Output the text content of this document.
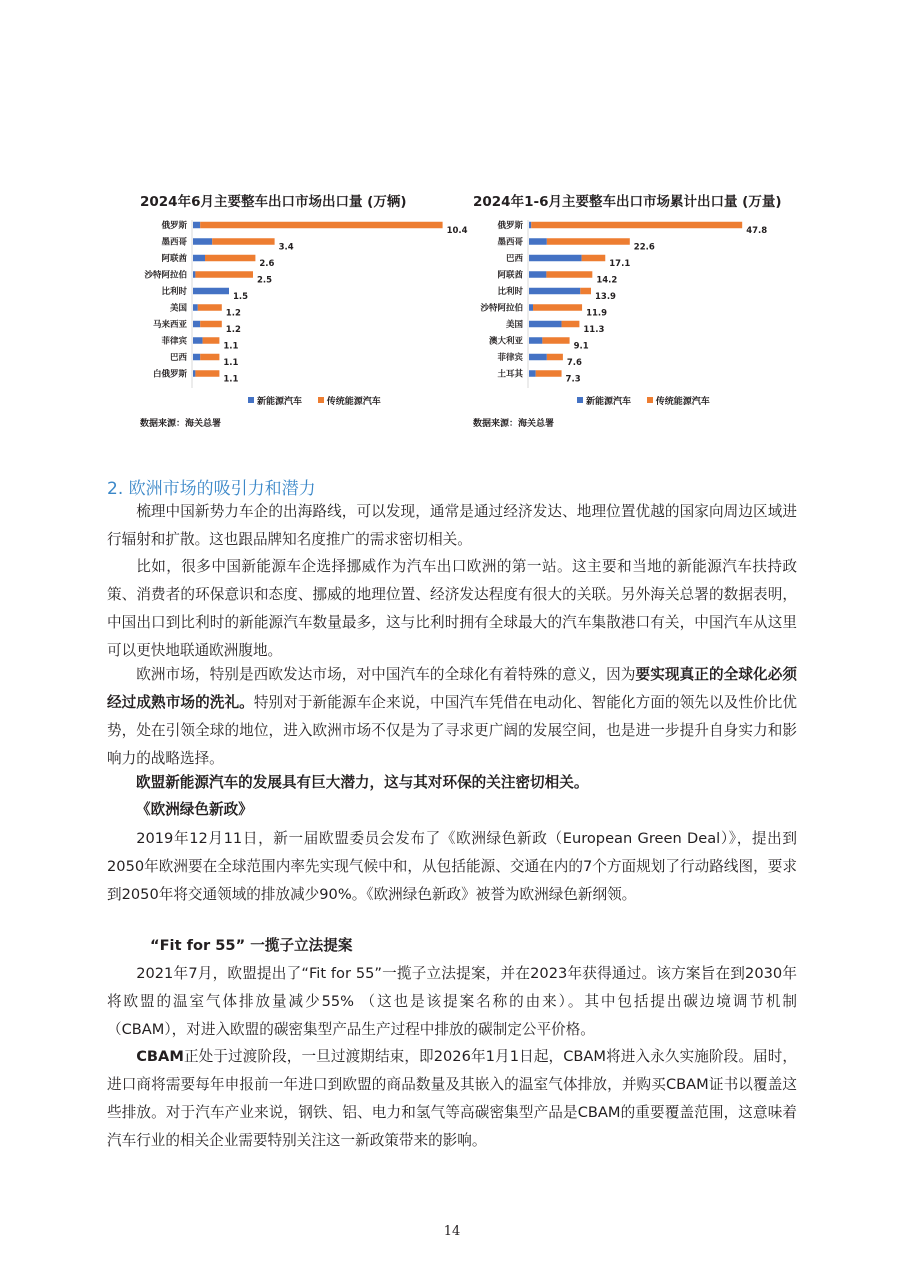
2024年6月主要整车出口市场出口量 (万辆)
俄罗斯	10.4
墨西哥	3.4
阿联酋	2.6
沙特阿拉伯	2.5
比利时	1.5
美国	1.2
马来西亚	1.2
菲律宾	1.1
巴西	1.1
白俄罗斯	1.1
新能源汽车	传统能源汽车
数据来源：海关总署
2024年1-6月主要整车出口市场累计出口量 (万量)
俄罗斯	47.8
墨西哥	22.6
巴西	17.1
阿联酋	14.2
比利时	13.9
沙特阿拉伯	11.9
美国	11.3
澳大利亚	9.1
菲律宾	7.6
土耳其	7.3
新能源汽车	传统能源汽车
数据来源：海关总署
2. 欧洲市场的吸引力和潜力
梳理中国新势力车企的出海路线，可以发现，通常是通过经济发达、地理位置优越的国家向周边区域进行辐射和扩散。这也跟品牌知名度推广的需求密切相关。
比如，很多中国新能源车企选择挪威作为汽车出口欧洲的第一站。这主要和当地的新能源汽车扶持政策、消费者的环保意识和态度、挪威的地理位置、经济发达程度有很大的关联。另外海关总署的数据表明，中国出口到比利时的新能源汽车数量最多，这与比利时拥有全球最大的汽车集散港口有关，中国汽车从这里可以更快地联通欧洲腹地。
欧洲市场，特别是西欧发达市场，对中国汽车的全球化有着特殊的意义，因为要实现真正的全球化必须经过成熟市场的洗礼。特别对于新能源车企来说，中国汽车凭借在电动化、智能化方面的领先以及性价比优势，处在引领全球的地位，进入欧洲市场不仅是为了寻求更广阔的发展空间，也是进一步提升自身实力和影响力的战略选择。
欧盟新能源汽车的发展具有巨大潜力，这与其对环保的关注密切相关。
《欧洲绿色新政》
2019年12月11日，新一届欧盟委员会发布了《欧洲绿色新政（European Green Deal）》，提出到2050年欧洲要在全球范围内率先实现气候中和，从包括能源、交通在内的7个方面规划了行动路线图，要求到2050年将交通领域的排放减少90%。《欧洲绿色新政》被誉为欧洲绿色新纲领。
“Fit for 55” 一揽子立法提案
2021年7月，欧盟提出了“Fit for 55”一揽子立法提案，并在2023年获得通过。该方案旨在到2030年将欧盟的温室气体排放量减少55% （这也是该提案名称的由来）。其中包括提出碳边境调节机制（CBAM），对进入欧盟的碳密集型产品生产过程中排放的碳制定公平价格。
CBAM正处于过渡阶段，一旦过渡期结束，即2026年1月1日起，CBAM将进入永久实施阶段。届时，进口商将需要每年申报前一年进口到欧盟的商品数量及其嵌入的温室气体排放，并购买CBAM证书以覆盖这些排放。对于汽车产业来说，钢铁、铝、电力和氢气等高碳密集型产品是CBAM的重要覆盖范围，这意味着汽车行业的相关企业需要特别关注这一新政策带来的影响。
14
